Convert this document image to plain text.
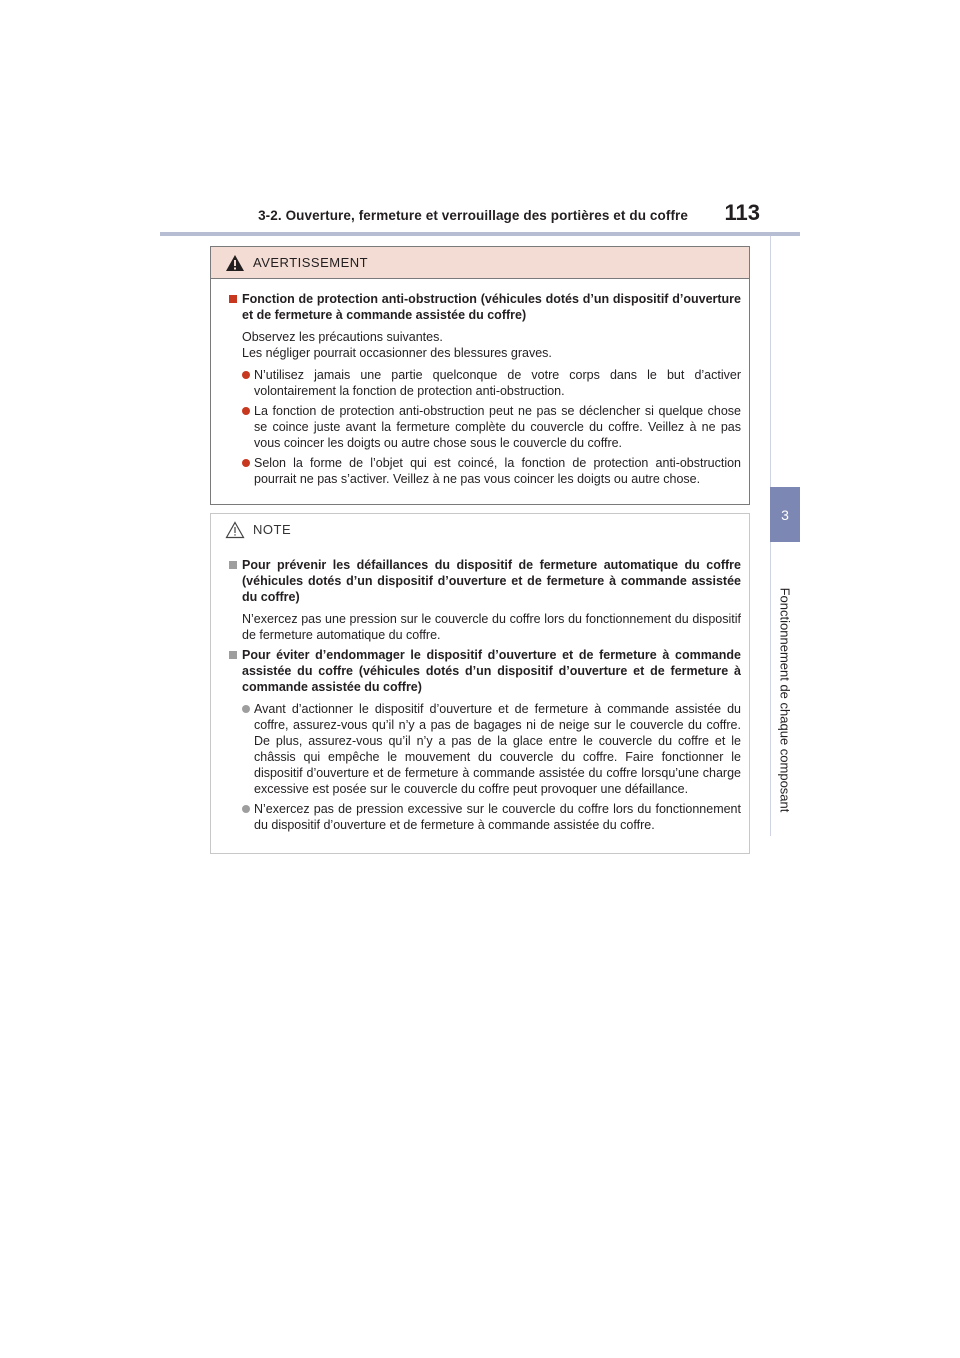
3-2. Ouverture, fermeture et verrouillage des portières et du coffre	113
3
Fonctionnement de chaque composant
AVERTISSEMENT
Fonction de protection anti-obstruction (véhicules dotés d’un dispositif d’ouverture et de fermeture à commande assistée du coffre)
Observez les précautions suivantes.
Les négliger pourrait occasionner des blessures graves.
N’utilisez jamais une partie quelconque de votre corps dans le but d’activer volontairement la fonction de protection anti-obstruction.
La fonction de protection anti-obstruction peut ne pas se déclencher si quelque chose se coince juste avant la fermeture complète du couvercle du coffre. Veillez à ne pas vous coincer les doigts ou autre chose sous le couvercle du coffre.
Selon la forme de l’objet qui est coincé, la fonction de protection anti-obstruction pourrait ne pas s’activer. Veillez à ne pas vous coincer les doigts ou autre chose.
NOTE
Pour prévenir les défaillances du dispositif de fermeture automatique du coffre (véhicules dotés d’un dispositif d’ouverture et de fermeture à commande assistée du coffre)
N’exercez pas une pression sur le couvercle du coffre lors du fonctionnement du dispositif de fermeture automatique du coffre.
Pour éviter d’endommager le dispositif d’ouverture et de fermeture à commande assistée du coffre (véhicules dotés d’un dispositif d’ouverture et de fermeture à commande assistée du coffre)
Avant d’actionner le dispositif d’ouverture et de fermeture à commande assistée du coffre, assurez-vous qu’il n’y a pas de bagages ni de neige sur le couvercle du coffre. De plus, assurez-vous qu’il n’y a pas de la glace entre le couvercle du coffre et le châssis qui empêche le mouvement du couvercle du coffre. Faire fonctionner le dispositif d’ouverture et de fermeture à commande assistée du coffre lorsqu’une charge excessive est posée sur le couvercle du coffre peut provoquer une défaillance.
N’exercez pas de pression excessive sur le couvercle du coffre lors du fonctionnement du dispositif d’ouverture et de fermeture à commande assistée du coffre.
